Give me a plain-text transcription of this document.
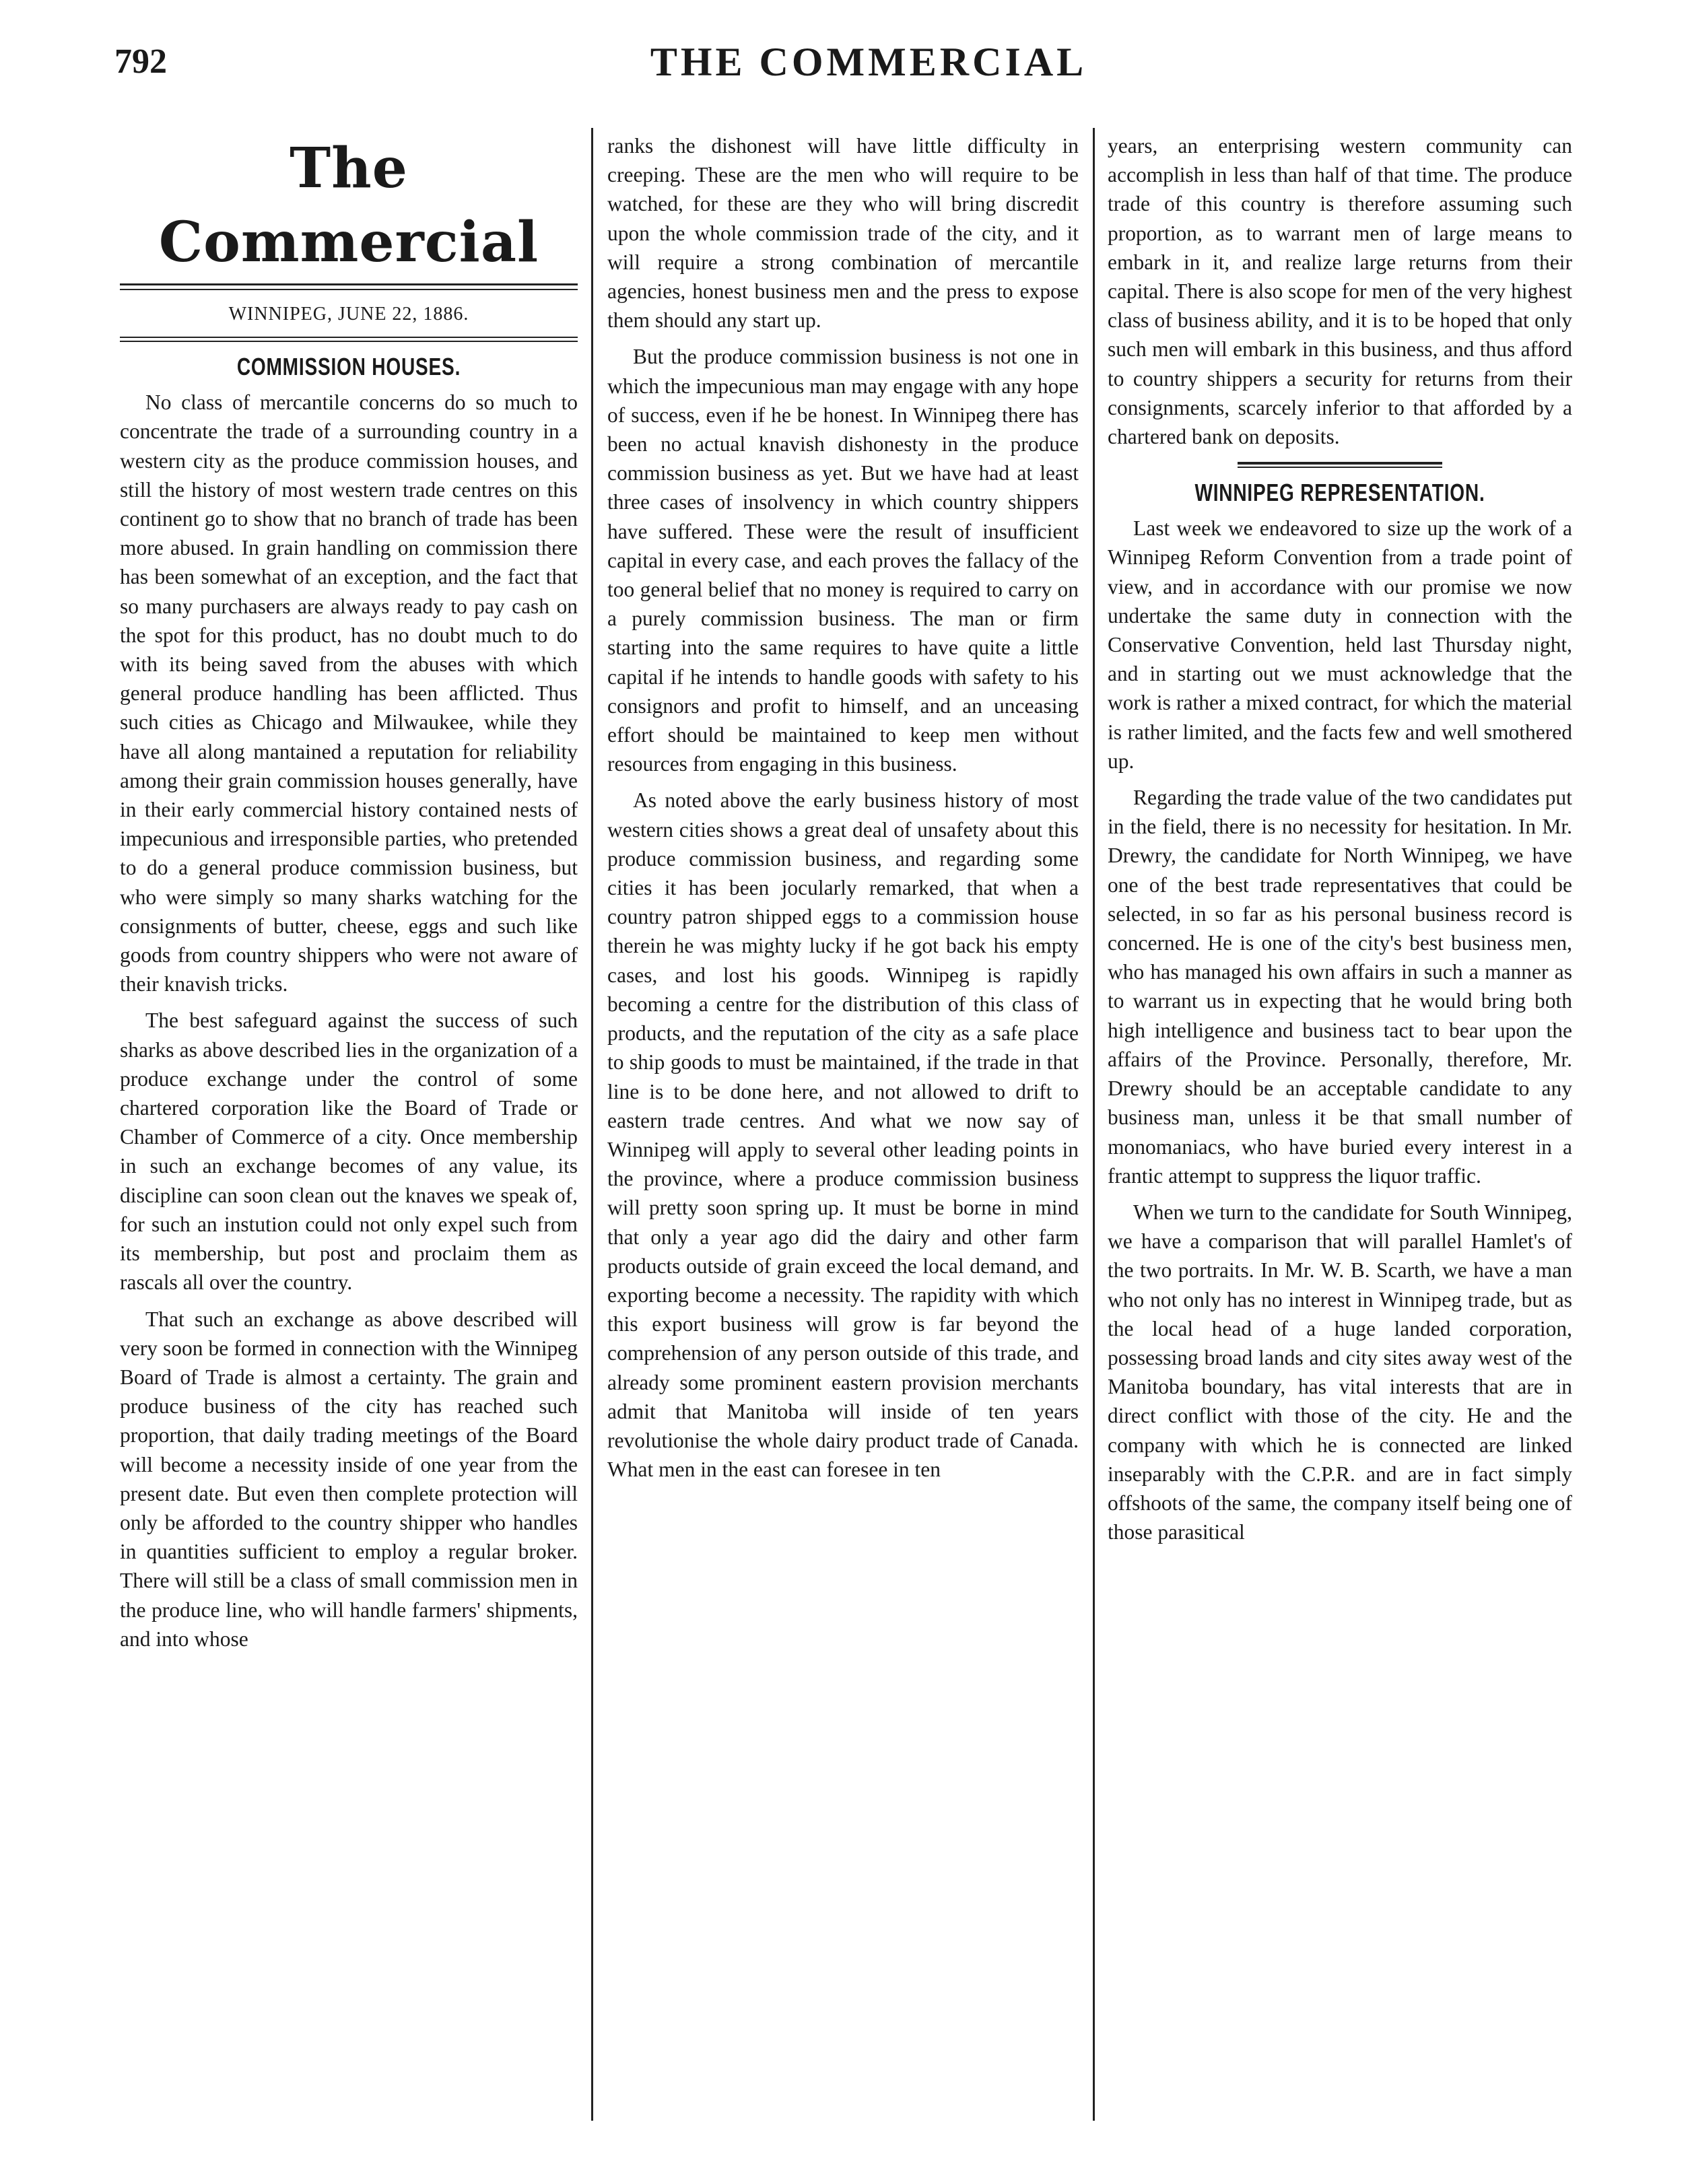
792	THE COMMERCIAL
The Commercial
WINNIPEG, JUNE 22, 1886.
COMMISSION HOUSES.

No class of mercantile concerns do so much to concentrate the trade of a surrounding country in a western city as the produce commission houses, and still the history of most western trade centres on this continent go to show that no branch of trade has been more abused. In grain handling on commission there has been somewhat of an exception, and the fact that so many purchasers are always ready to pay cash on the spot for this product, has no doubt much to do with its being saved from the abuses with which general produce handling has been afflicted. Thus such cities as Chicago and Milwaukee, while they have all along mantained a reputation for reliability among their grain commission houses generally, have in their early commercial history contained nests of impecunious and irresponsible parties, who pretended to do a general produce commission business, but who were simply so many sharks watching for the consignments of butter, cheese, eggs and such like goods from country shippers who were not aware of their knavish tricks.

The best safeguard against the success of such sharks as above described lies in the organization of a produce exchange under the control of some chartered corporation like the Board of Trade or Chamber of Commerce of a city. Once membership in such an exchange becomes of any value, its discipline can soon clean out the knaves we speak of, for such an instution could not only expel such from its membership, but post and proclaim them as rascals all over the country.

That such an exchange as above described will very soon be formed in connection with the Winnipeg Board of Trade is almost a certainty. The grain and produce business of the city has reached such proportion, that daily trading meetings of the Board will become a necessity inside of one year from the present date. But even then complete protection will only be afforded to the country shipper who handles in quantities sufficient to employ a regular broker. There will still be a class of small commission men in the produce line, who will handle farmers' shipments, and into whose

ranks the dishonest will have little difficulty in creeping. These are the men who will require to be watched, for these are they who will bring discredit upon the whole commission trade of the city, and it will require a strong combination of mercantile agencies, honest business men and the press to expose them should any start up.

But the produce commission business is not one in which the impecunious man may engage with any hope of success, even if he be honest. In Winnipeg there has been no actual knavish dishonesty in the produce commission business as yet. But we have had at least three cases of insolvency in which country shippers have suffered. These were the result of insufficient capital in every case, and each proves the fallacy of the too general belief that no money is required to carry on a purely commission business. The man or firm starting into the same requires to have quite a little capital if he intends to handle goods with safety to his consignors and profit to himself, and an unceasing effort should be maintained to keep men without resources from engaging in this business.

As noted above the early business history of most western cities shows a great deal of unsafety about this produce commission business, and regarding some cities it has been jocularly remarked, that when a country patron shipped eggs to a commission house therein he was mighty lucky if he got back his empty cases, and lost his goods. Winnipeg is rapidly becoming a centre for the distribution of this class of products, and the reputation of the city as a safe place to ship goods to must be maintained, if the trade in that line is to be done here, and not allowed to drift to eastern trade centres. And what we now say of Winnipeg will apply to several other leading points in the province, where a produce commission business will pretty soon spring up. It must be borne in mind that only a year ago did the dairy and other farm products outside of grain exceed the local demand, and exporting become a necessity. The rapidity with which this export business will grow is far beyond the comprehension of any person outside of this trade, and already some prominent eastern provision merchants admit that Manitoba will inside of ten years revolutionise the whole dairy product trade of Canada. What men in the east can foresee in ten

years, an enterprising western community can accomplish in less than half of that time. The produce trade of this country is therefore assuming such proportion, as to warrant men of large means to embark in it, and realize large returns from their capital. There is also scope for men of the very highest class of business ability, and it is to be hoped that only such men will embark in this business, and thus afford to country shippers a security for returns from their consignments, scarcely inferior to that afforded by a chartered bank on deposits.

WINNIPEG REPRESENTATION.

Last week we endeavored to size up the work of a Winnipeg Reform Convention from a trade point of view, and in accordance with our promise we now undertake the same duty in connection with the Conservative Convention, held last Thursday night, and in starting out we must acknowledge that the work is rather a mixed contract, for which the material is rather limited, and the facts few and well smothered up.

Regarding the trade value of the two candidates put in the field, there is no necessity for hesitation. In Mr. Drewry, the candidate for North Winnipeg, we have one of the best trade representatives that could be selected, in so far as his personal business record is concerned. He is one of the city's best business men, who has managed his own affairs in such a manner as to warrant us in expecting that he would bring both high intelligence and business tact to bear upon the affairs of the Province. Personally, therefore, Mr. Drewry should be an acceptable candidate to any business man, unless it be that small number of monomaniacs, who have buried every interest in a frantic attempt to suppress the liquor traffic.

When we turn to the candidate for South Winnipeg, we have a comparison that will parallel Hamlet's of the two portraits. In Mr. W. B. Scarth, we have a man who not only has no interest in Winnipeg trade, but as the local head of a huge landed corporation, possessing broad lands and city sites away west of the Manitoba boundary, has vital interests that are in direct conflict with those of the city. He and the company with which he is connected are linked inseparably with the C.P.R. and are in fact simply offshoots of the same, the company itself being one of those parasitical
